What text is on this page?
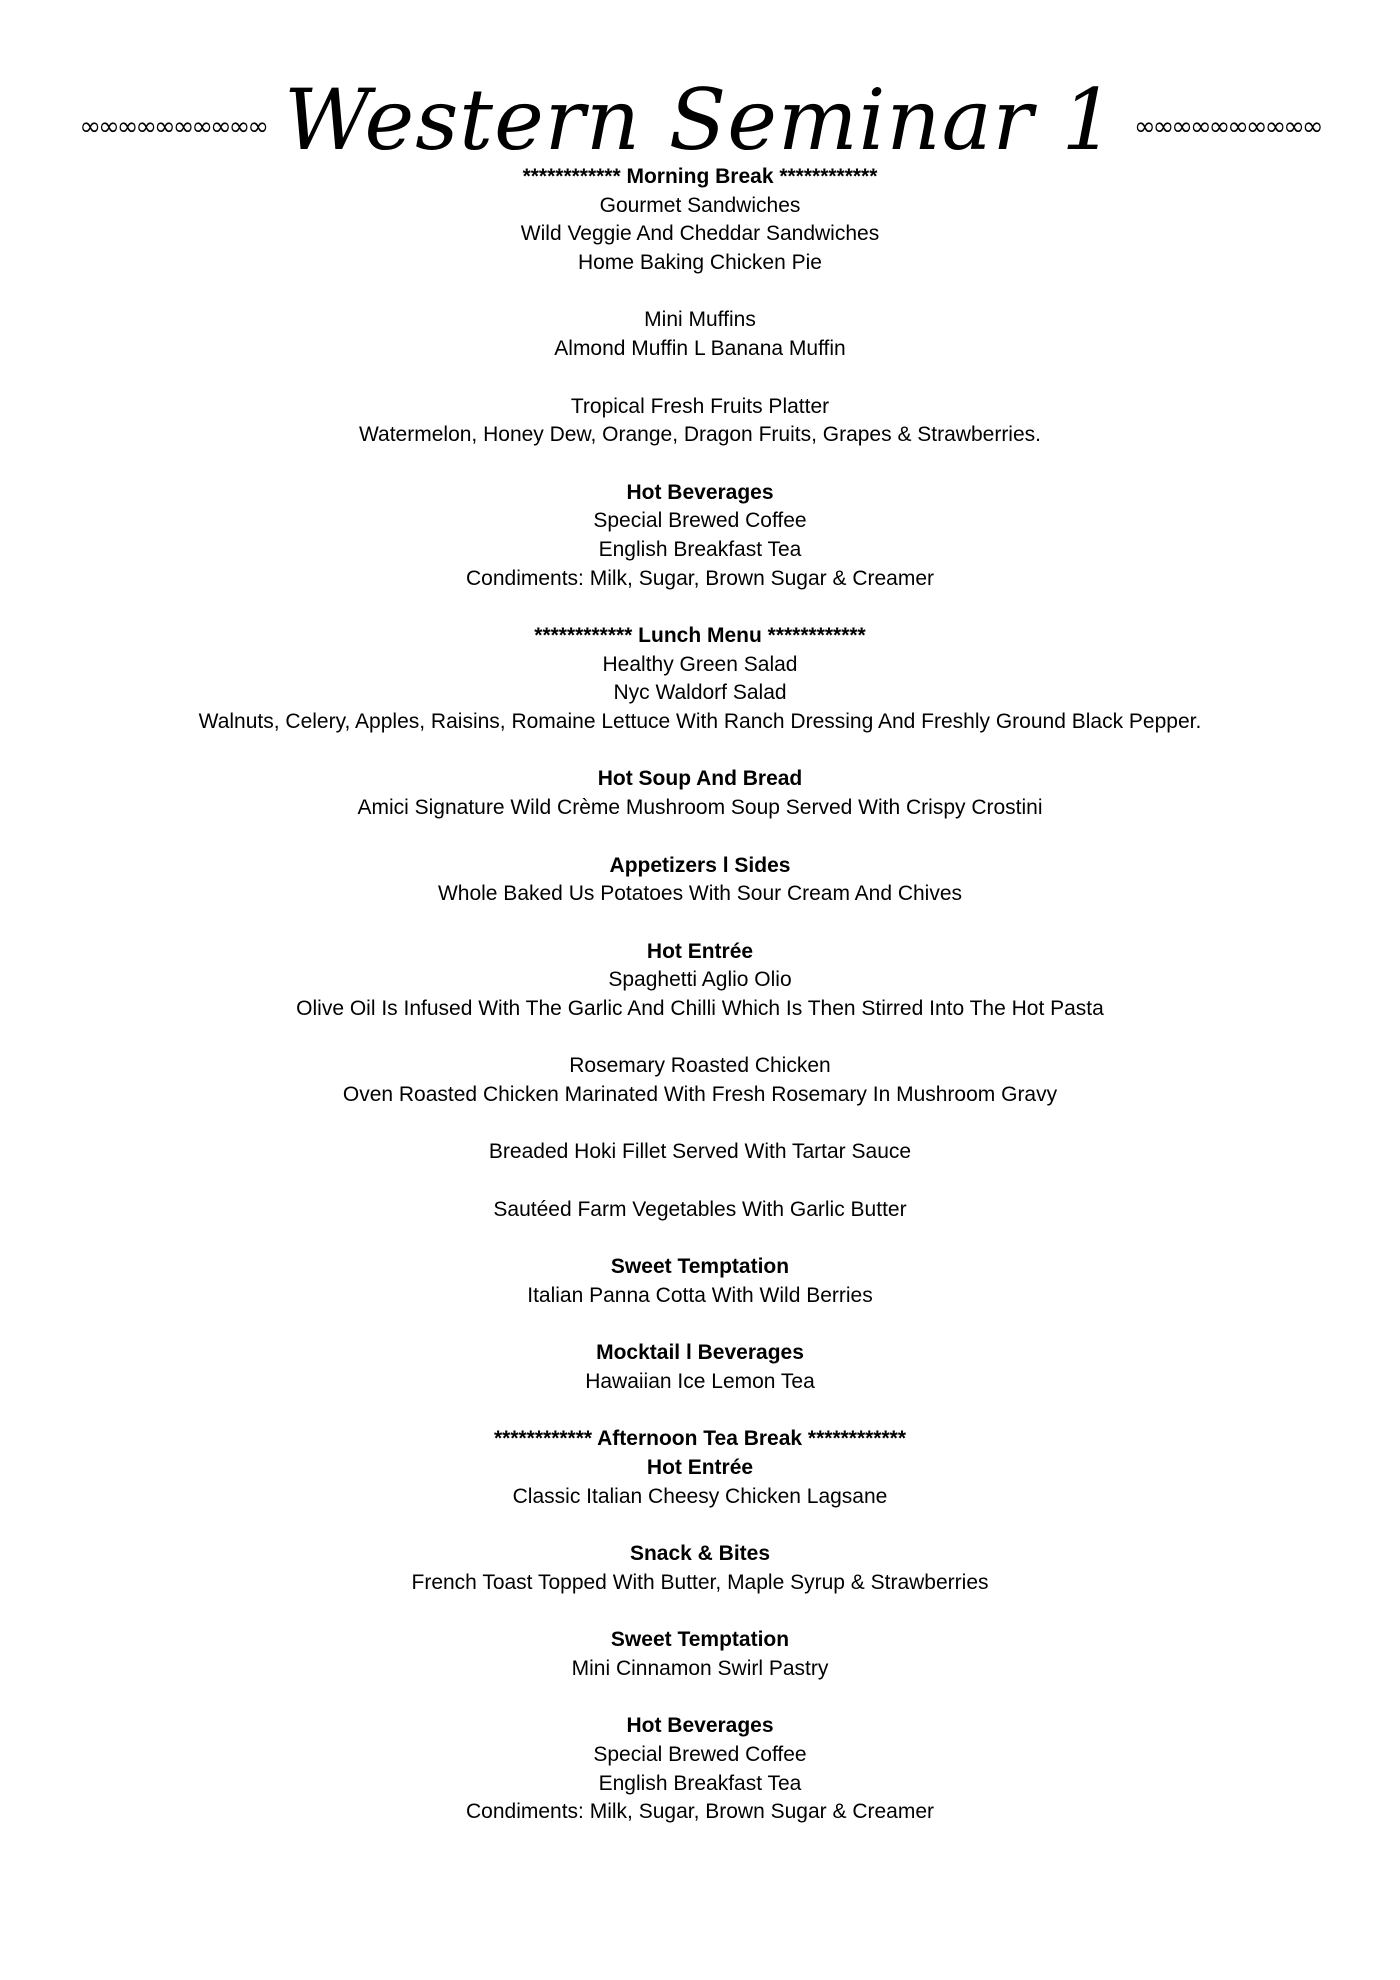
∞∞∞∞∞∞∞∞∞∞ Western Seminar 1 ∞∞∞∞∞∞∞∞∞∞
************ Morning Break ************
Gourmet Sandwiches
Wild Veggie And Cheddar Sandwiches
Home Baking Chicken Pie
Mini Muffins
Almond Muffin L Banana Muffin
Tropical Fresh Fruits Platter
Watermelon, Honey Dew, Orange, Dragon Fruits, Grapes & Strawberries.
Hot Beverages
Special Brewed Coffee
English Breakfast Tea
Condiments: Milk, Sugar, Brown Sugar & Creamer
************ Lunch Menu ************
Healthy Green Salad
Nyc Waldorf Salad
Walnuts, Celery, Apples, Raisins, Romaine Lettuce With Ranch Dressing And Freshly Ground Black Pepper.
Hot Soup And Bread
Amici Signature Wild Crème Mushroom Soup Served With Crispy Crostini
Appetizers l Sides
Whole Baked Us Potatoes With Sour Cream And Chives
Hot Entrée
Spaghetti Aglio Olio
Olive Oil Is Infused With The Garlic And Chilli Which Is Then Stirred Into The Hot Pasta
Rosemary Roasted Chicken
Oven Roasted Chicken Marinated With Fresh Rosemary In Mushroom Gravy
Breaded Hoki Fillet Served With Tartar Sauce
Sautéed Farm Vegetables With Garlic Butter
Sweet Temptation
Italian Panna Cotta With Wild Berries
Mocktail l Beverages
Hawaiian Ice Lemon Tea
************ Afternoon Tea Break ************
Hot Entrée
Classic Italian Cheesy Chicken Lagsane
Snack & Bites
French Toast Topped With Butter, Maple Syrup & Strawberries
Sweet Temptation
Mini Cinnamon Swirl Pastry
Hot Beverages
Special Brewed Coffee
English Breakfast Tea
Condiments: Milk, Sugar, Brown Sugar & Creamer
